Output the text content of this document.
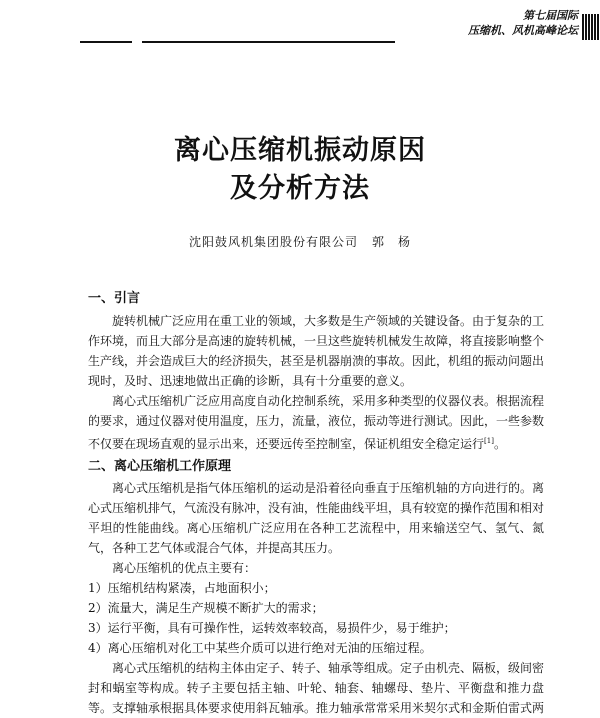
第七届国际
压缩机、风机高峰论坛
离心压缩机振动原因
及分析方法
沈阳鼓风机集团股份有限公司 郭　杨
一、引言

旋转机械广泛应用在重工业的领域，大多数是生产领域的关键设备。由于复杂的工作环境，而且大部分是高速的旋转机械，一旦这些旋转机械发生故障，将直接影响整个生产线，并会造成巨大的经济损失，甚至是机器崩溃的事故。因此，机组的振动问题出现时，及时、迅速地做出正确的诊断，具有十分重要的意义。

离心式压缩机广泛应用高度自动化控制系统，采用多种类型的仪器仪表。根据流程的要求，通过仪器对使用温度，压力，流量，液位，振动等进行测试。因此，一些参数不仅要在现场直观的显示出来，还要远传至控制室，保证机组安全稳定运行[1]。

二、离心压缩机工作原理

离心式压缩机是指气体压缩机的运动是沿着径向垂直于压缩机轴的方向进行的。离心式压缩机排气，气流没有脉冲，没有油，性能曲线平坦，具有较宽的操作范围和相对平坦的性能曲线。离心压缩机广泛应用在各种工艺流程中，用来输送空气、氢气、氮气，各种工艺气体或混合气体，并提高其压力。

离心压缩机的优点主要有：

1）压缩机结构紧凑，占地面积小；

2）流量大，满足生产规模不断扩大的需求；

3）运行平衡，具有可操作性，运转效率较高，易损件少，易于维护；

4）离心压缩机对化工中某些介质可以进行绝对无油的压缩过程。

离心式压缩机的结构主体由定子、转子、轴承等组成。定子由机壳、隔板，级间密封和蜗室等构成。转子主要包括主轴、叶轮、轴套、轴螺母、垫片、平衡盘和推力盘等。支撑轴承根据具体要求使用斜瓦轴承。推力轴承常常采用米契尔式和金斯伯雷式两
